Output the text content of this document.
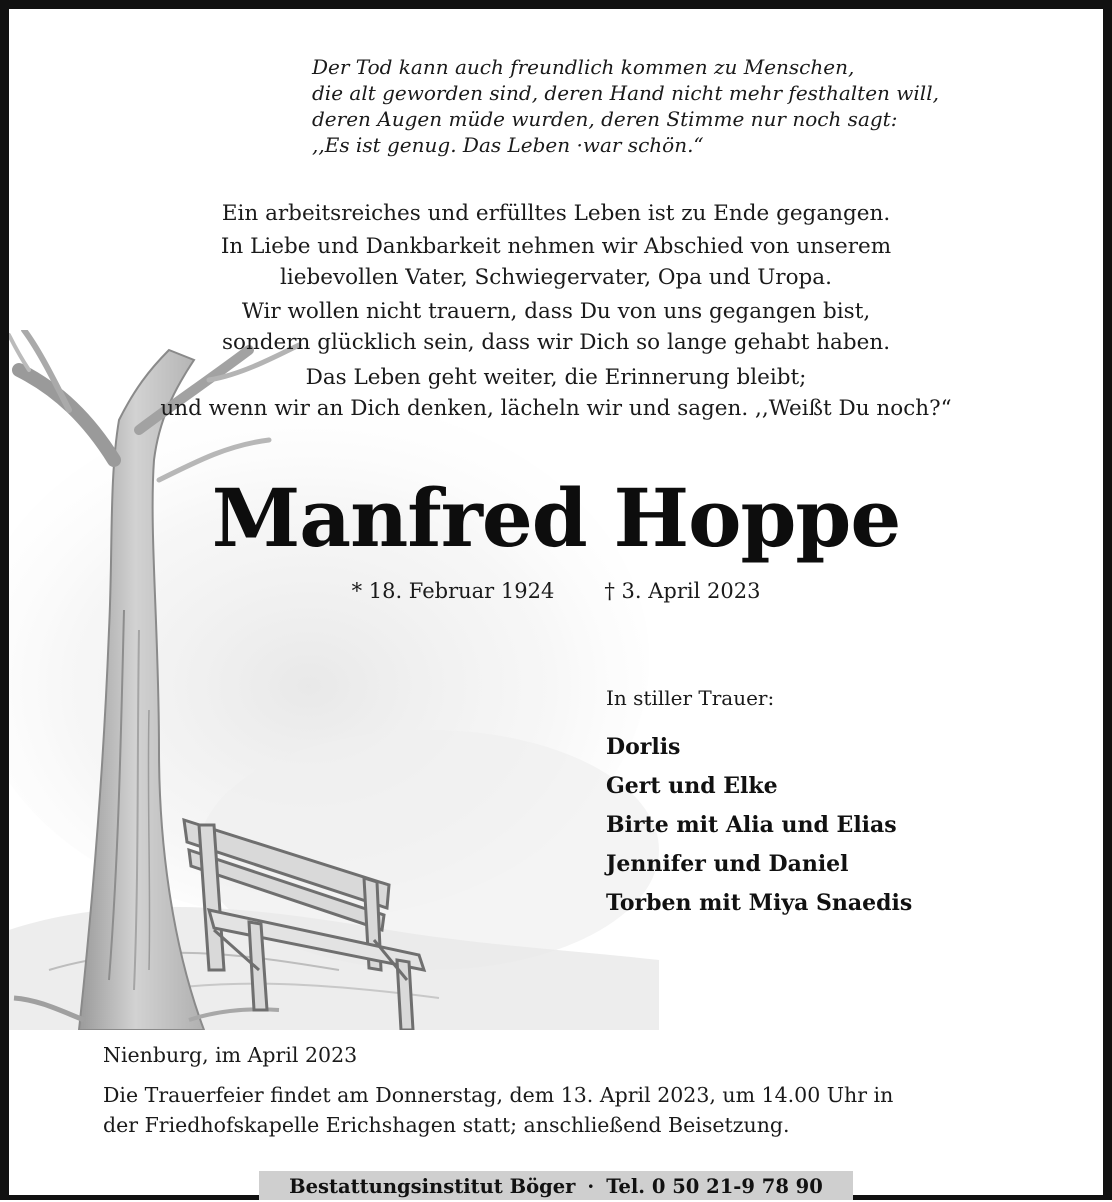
Der Tod kann auch freundlich kommen zu Menschen,
die alt geworden sind, deren Hand nicht mehr festhalten will,
deren Augen müde wurden, deren Stimme nur noch sagt:
,,Es ist genug. Das Leben ·war schön.“
Ein arbeitsreiches und erfülltes Leben ist zu Ende gegangen.
In Liebe und Dankbarkeit nehmen wir Abschied von unserem
liebevollen Vater, Schwiegervater, Opa und Uropa.
Wir wollen nicht trauern, dass Du von uns gegangen bist,
sondern glücklich sein, dass wir Dich so lange gehabt haben.
Das Leben geht weiter, die Erinnerung bleibt;
und wenn wir an Dich denken, lächeln wir und sagen. ,,Weißt Du noch?“
Manfred Hoppe
* 18. Februar 1924 † 3. April 2023
In stiller Trauer:
Dorlis
Gert und Elke
Birte mit Alia und Elias
Jennifer und Daniel
Torben mit Miya Snaedis
Nienburg, im April 2023
Die Trauerfeier findet am Donnerstag, dem 13. April 2023, um 14.00 Uhr in
der Friedhofskapelle Erichshagen statt; anschließend Beisetzung.
Bestattungsinstitut Böger · Tel. 0 50 21-9 78 90
